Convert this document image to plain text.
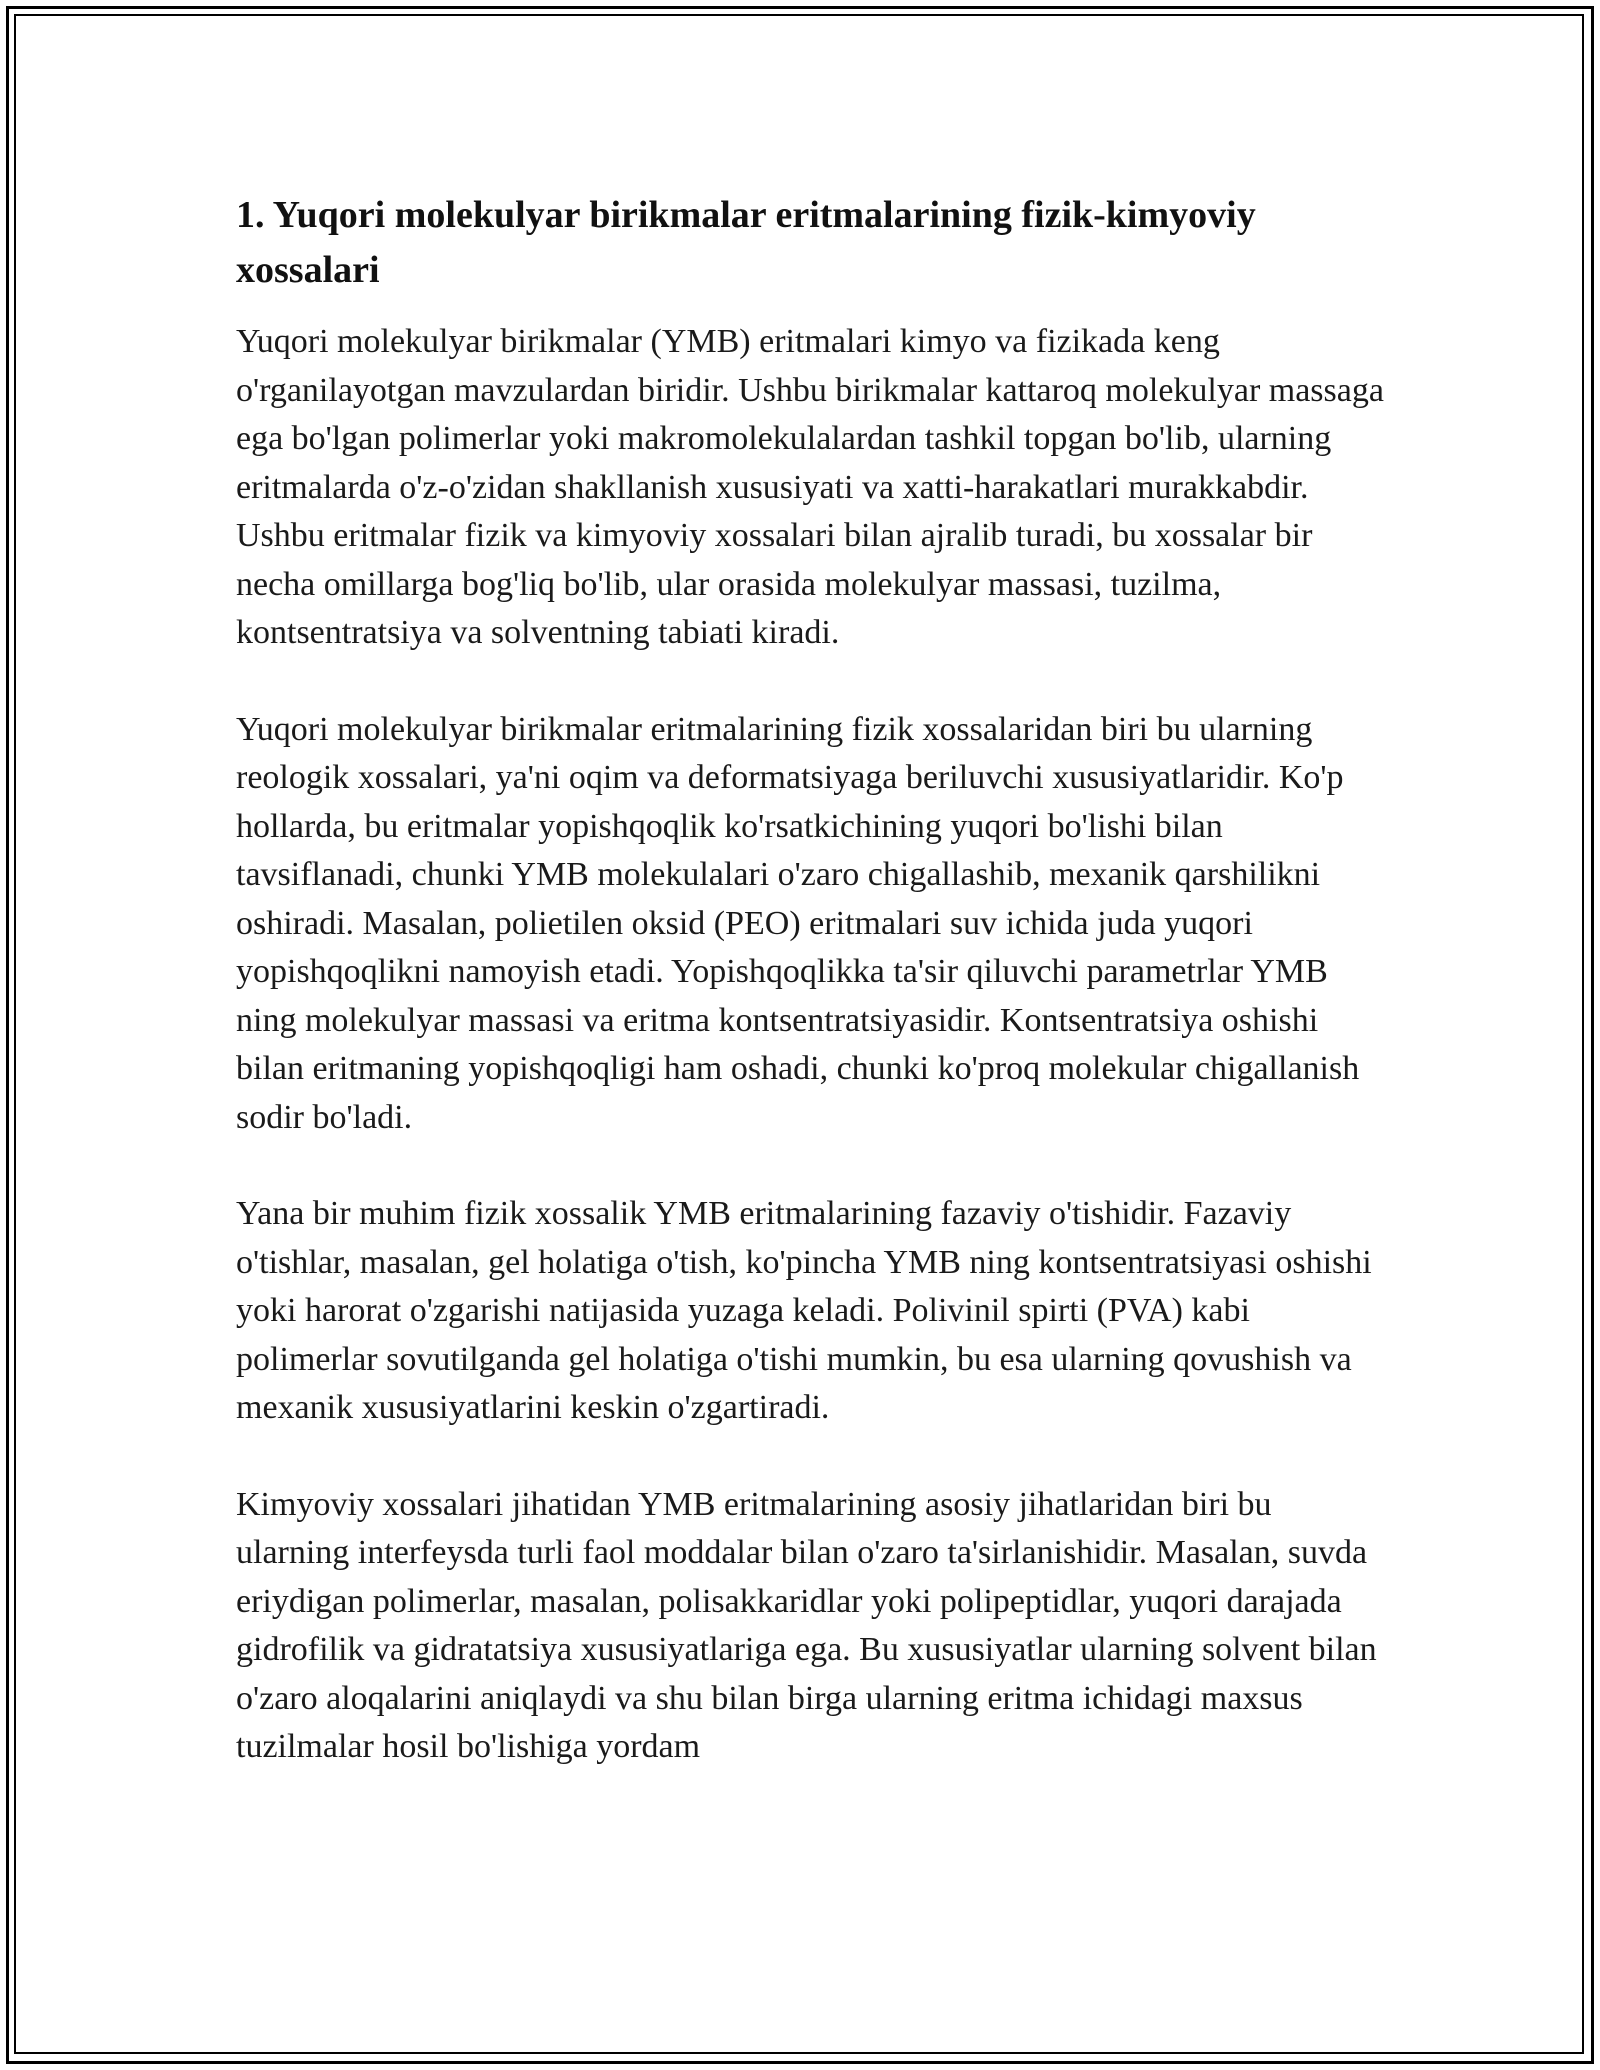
1. Yuqori molekulyar birikmalar eritmalarining fizik-kimyoviy xossalari

Yuqori molekulyar birikmalar (YMB) eritmalari kimyo va fizikada keng o'rganilayotgan mavzulardan biridir. Ushbu birikmalar kattaroq molekulyar massaga ega bo'lgan polimerlar yoki makromolekulalardan tashkil topgan bo'lib, ularning eritmalarda o'z-o'zidan shakllanish xususiyati va xatti-harakatlari murakkabdir. Ushbu eritmalar fizik va kimyoviy xossalari bilan ajralib turadi, bu xossalar bir necha omillarga bog'liq bo'lib, ular orasida molekulyar massasi, tuzilma, kontsentratsiya va solventning tabiati kiradi.

Yuqori molekulyar birikmalar eritmalarining fizik xossalaridan biri bu ularning reologik xossalari, ya'ni oqim va deformatsiyaga beriluvchi xususiyatlaridir. Ko'p hollarda, bu eritmalar yopishqoqlik ko'rsatkichining yuqori bo'lishi bilan tavsiflanadi, chunki YMB molekulalari o'zaro chigallashib, mexanik qarshilikni oshiradi. Masalan, polietilen oksid (PEO) eritmalari suv ichida juda yuqori yopishqoqlikni namoyish etadi. Yopishqoqlikka ta'sir qiluvchi parametrlar YMB ning molekulyar massasi va eritma kontsentratsiyasidir. Kontsentratsiya oshishi bilan eritmaning yopishqoqligi ham oshadi, chunki ko'proq molekular chigallanish sodir bo'ladi.

Yana bir muhim fizik xossalik YMB eritmalarining fazaviy o'tishidir. Fazaviy o'tishlar, masalan, gel holatiga o'tish, ko'pincha YMB ning kontsentratsiyasi oshishi yoki harorat o'zgarishi natijasida yuzaga keladi. Polivinil spirti (PVA) kabi polimerlar sovutilganda gel holatiga o'tishi mumkin, bu esa ularning qovushish va mexanik xususiyatlarini keskin o'zgartiradi.

Kimyoviy xossalari jihatidan YMB eritmalarining asosiy jihatlaridan biri bu ularning interfeysda turli faol moddalar bilan o'zaro ta'sirlanishidir. Masalan, suvda eriydigan polimerlar, masalan, polisakkaridlar yoki polipeptidlar, yuqori darajada gidrofilik va gidratatsiya xususiyatlariga ega. Bu xususiyatlar ularning solvent bilan o'zaro aloqalarini aniqlaydi va shu bilan birga ularning eritma ichidagi maxsus tuzilmalar hosil bo'lishiga yordam
